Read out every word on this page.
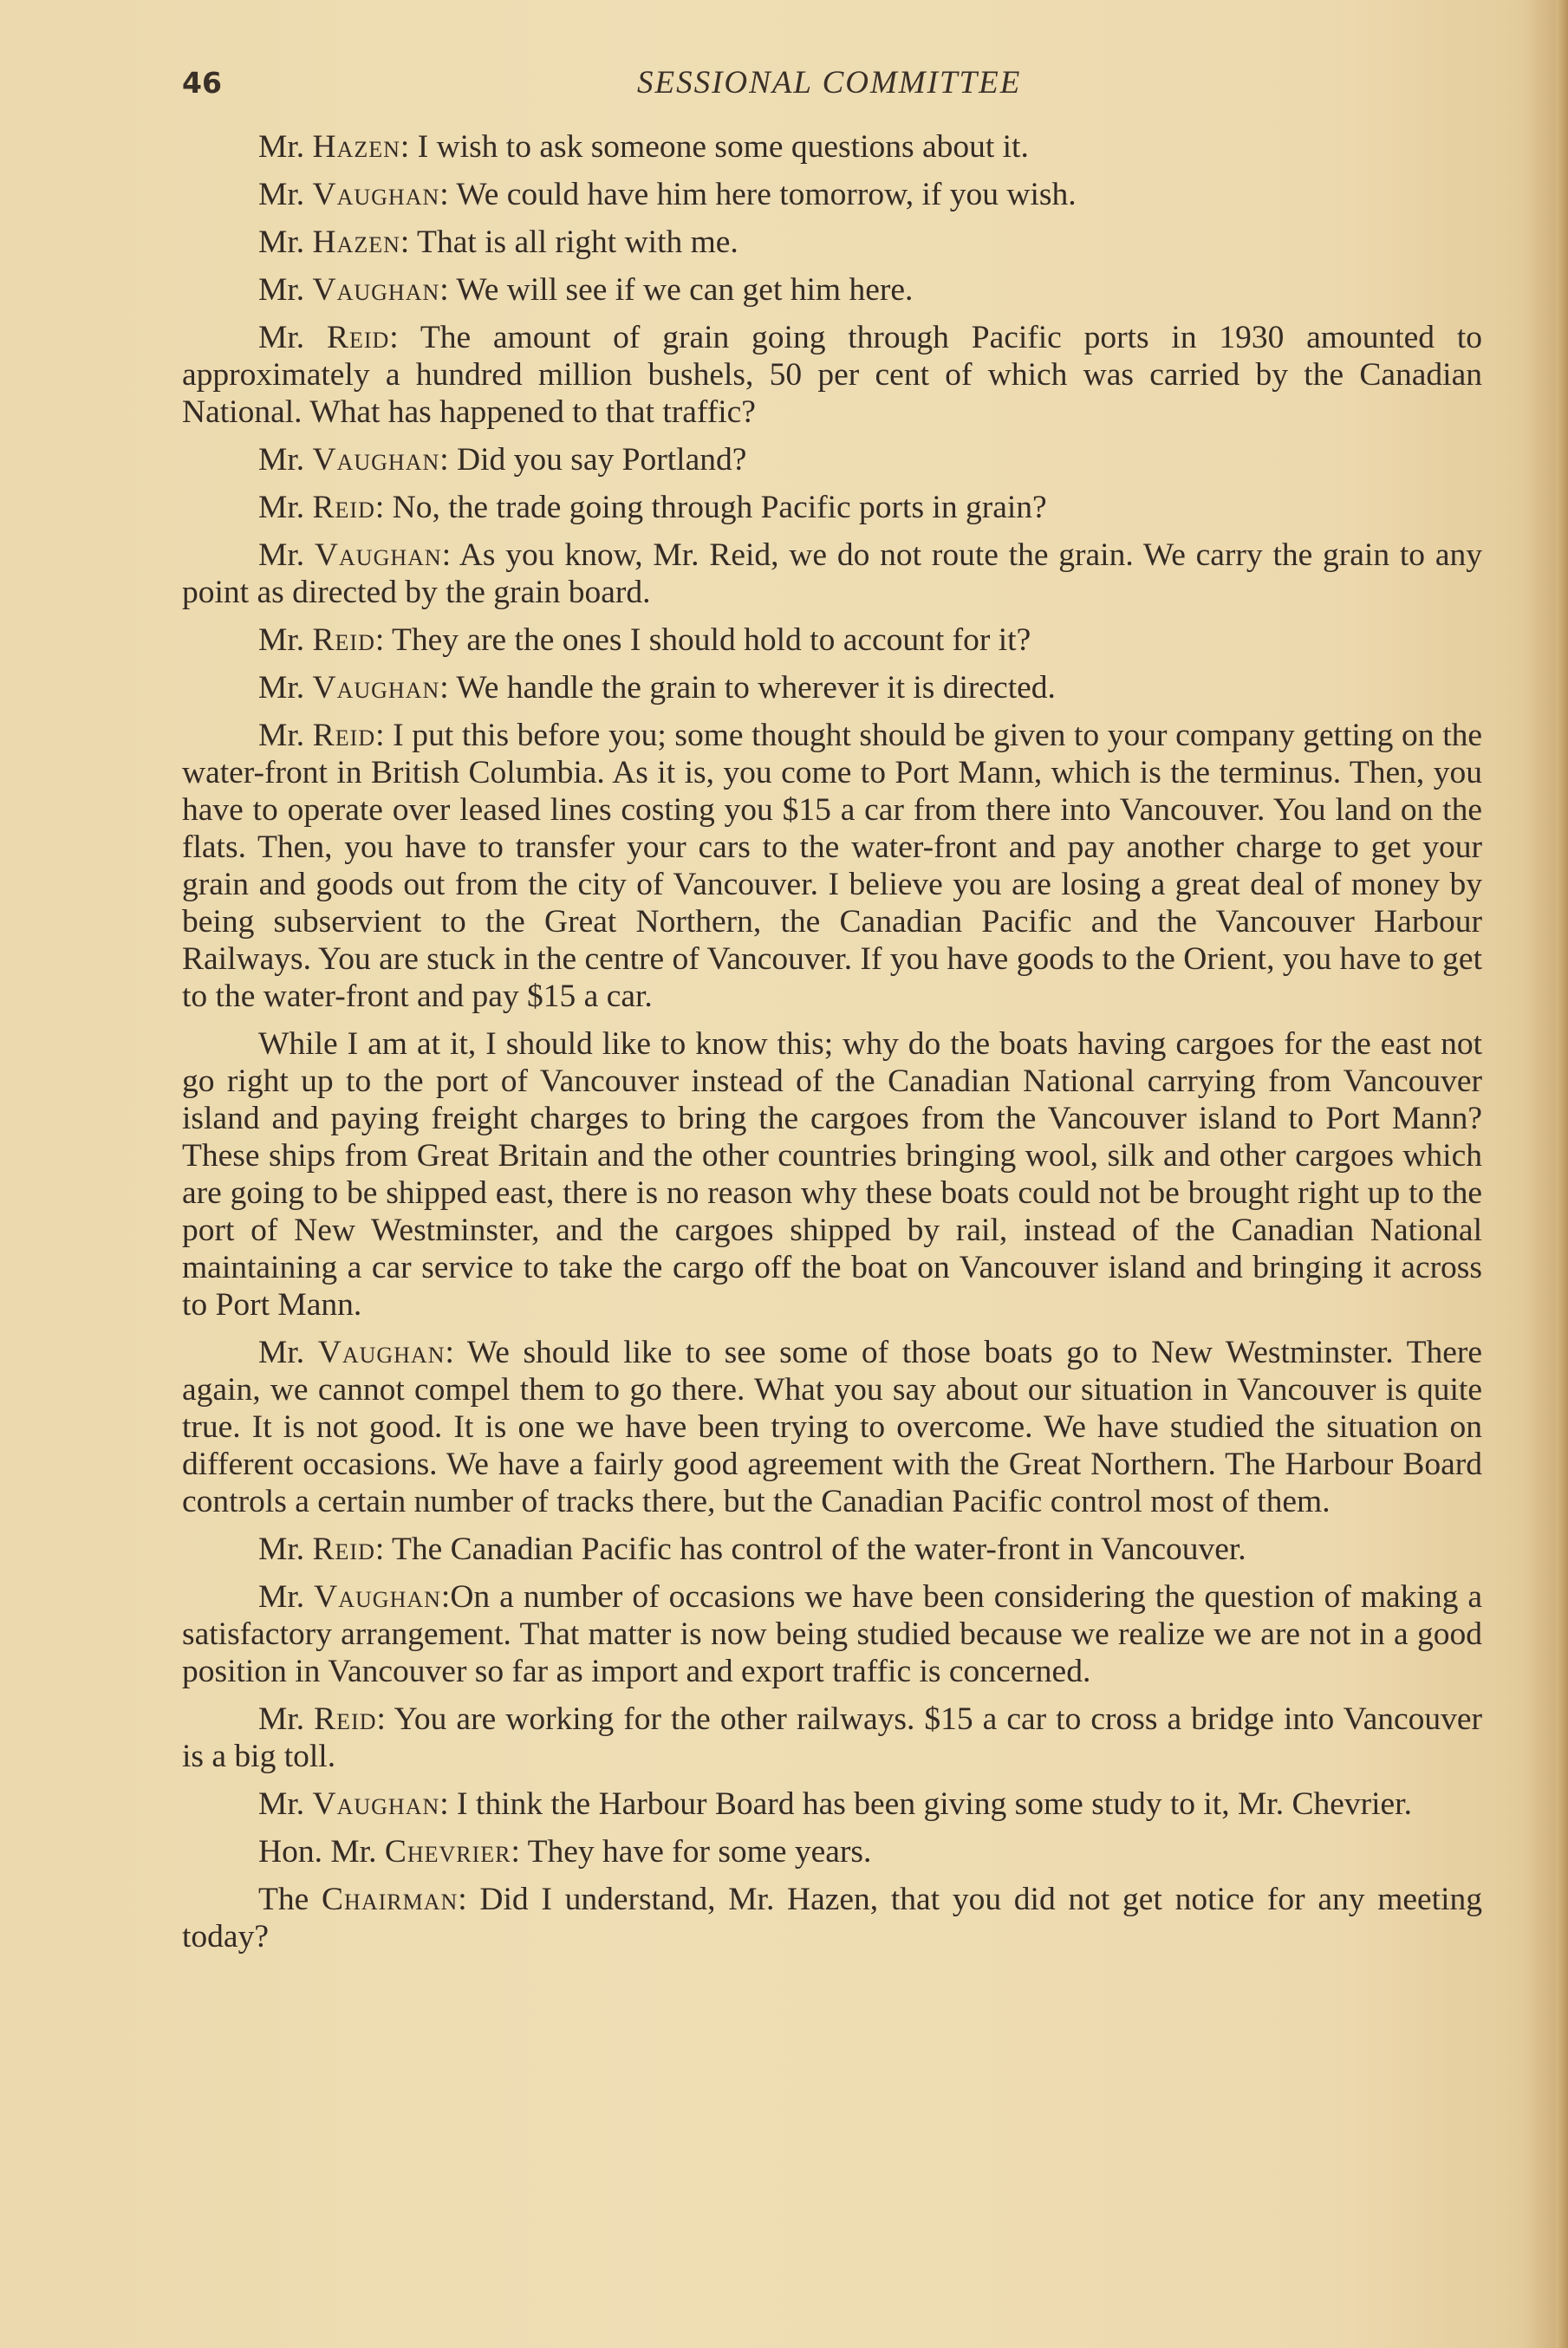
46	SESSIONAL COMMITTEE

Mr. Hazen: I wish to ask someone some questions about it.

Mr. Vaughan: We could have him here tomorrow, if you wish.

Mr. Hazen: That is all right with me.

Mr. Vaughan: We will see if we can get him here.

Mr. Reid: The amount of grain going through Pacific ports in 1930 amounted to approximately a hundred million bushels, 50 per cent of which was carried by the Canadian National. What has happened to that traffic?

Mr. Vaughan: Did you say Portland?

Mr. Reid: No, the trade going through Pacific ports in grain?

Mr. Vaughan: As you know, Mr. Reid, we do not route the grain. We carry the grain to any point as directed by the grain board.

Mr. Reid: They are the ones I should hold to account for it?

Mr. Vaughan: We handle the grain to wherever it is directed.

Mr. Reid: I put this before you; some thought should be given to your company getting on the water-front in British Columbia. As it is, you come to Port Mann, which is the terminus. Then, you have to operate over leased lines costing you $15 a car from there into Vancouver. You land on the flats. Then, you have to transfer your cars to the water-front and pay another charge to get your grain and goods out from the city of Vancouver. I believe you are losing a great deal of money by being subservient to the Great Northern, the Canadian Pacific and the Vancouver Harbour Railways. You are stuck in the centre of Vancouver. If you have goods to the Orient, you have to get to the water-front and pay $15 a car.

While I am at it, I should like to know this; why do the boats having cargoes for the east not go right up to the port of Vancouver instead of the Canadian National carrying from Vancouver island and paying freight charges to bring the cargoes from the Vancouver island to Port Mann? These ships from Great Britain and the other countries bringing wool, silk and other cargoes which are going to be shipped east, there is no reason why these boats could not be brought right up to the port of New Westminster, and the cargoes shipped by rail, instead of the Canadian National maintaining a car service to take the cargo off the boat on Vancouver island and bringing it across to Port Mann.

Mr. Vaughan: We should like to see some of those boats go to New Westminster. There again, we cannot compel them to go there. What you say about our situation in Vancouver is quite true. It is not good. It is one we have been trying to overcome. We have studied the situation on different occasions. We have a fairly good agreement with the Great Northern. The Harbour Board controls a certain number of tracks there, but the Canadian Pacific control most of them.

Mr. Reid: The Canadian Pacific has control of the water-front in Vancouver.

Mr. Vaughan:On a number of occasions we have been considering the question of making a satisfactory arrangement. That matter is now being studied because we realize we are not in a good position in Vancouver so far as import and export traffic is concerned.

Mr. Reid: You are working for the other railways. $15 a car to cross a bridge into Vancouver is a big toll.

Mr. Vaughan: I think the Harbour Board has been giving some study to it, Mr. Chevrier.

Hon. Mr. Chevrier: They have for some years.

The Chairman: Did I understand, Mr. Hazen, that you did not get notice for any meeting today?
